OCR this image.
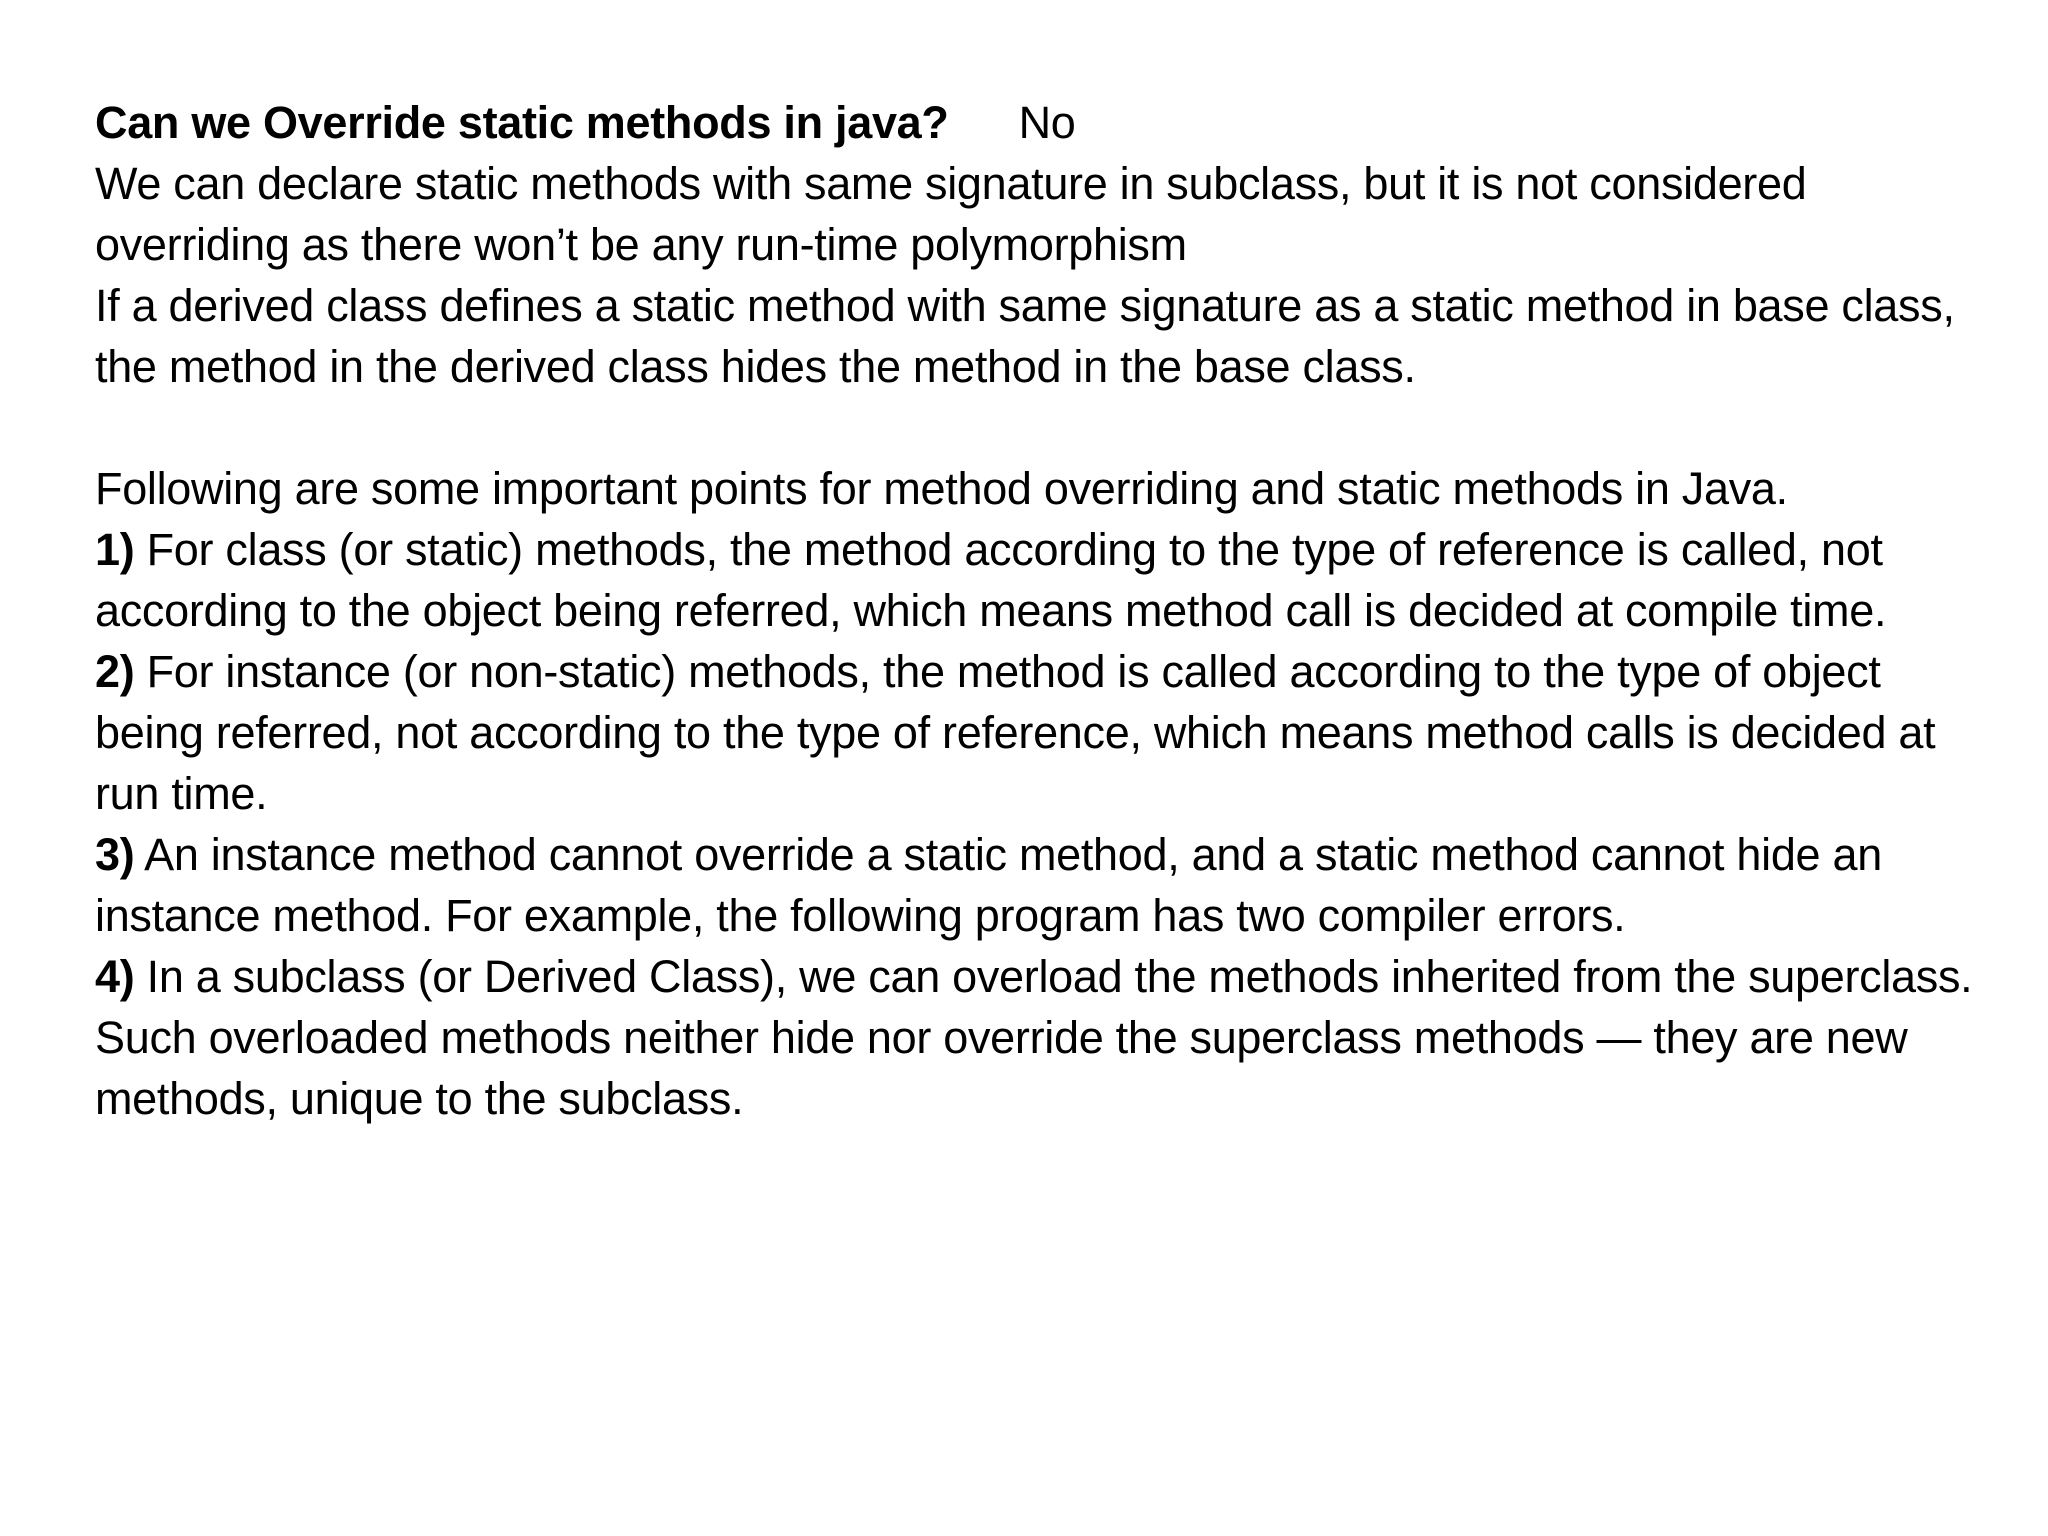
Can we Override static methods in java? No

We can declare static methods with same signature in subclass, but it is not considered overriding as there won’t be any run-time polymorphism

If a derived class defines a static method with same signature as a static method in base class, the method in the derived class hides the method in the base class.

Following are some important points for method overriding and static methods in Java.

1) For class (or static) methods, the method according to the type of reference is called, not according to the object being referred, which means method call is decided at compile time.

2) For instance (or non-static) methods, the method is called according to the type of object being referred, not according to the type of reference, which means method calls is decided at run time.

3) An instance method cannot override a static method, and a static method cannot hide an instance method. For example, the following program has two compiler errors.

4) In a subclass (or Derived Class), we can overload the methods inherited from the superclass. Such overloaded methods neither hide nor override the superclass methods — they are new methods, unique to the subclass.
